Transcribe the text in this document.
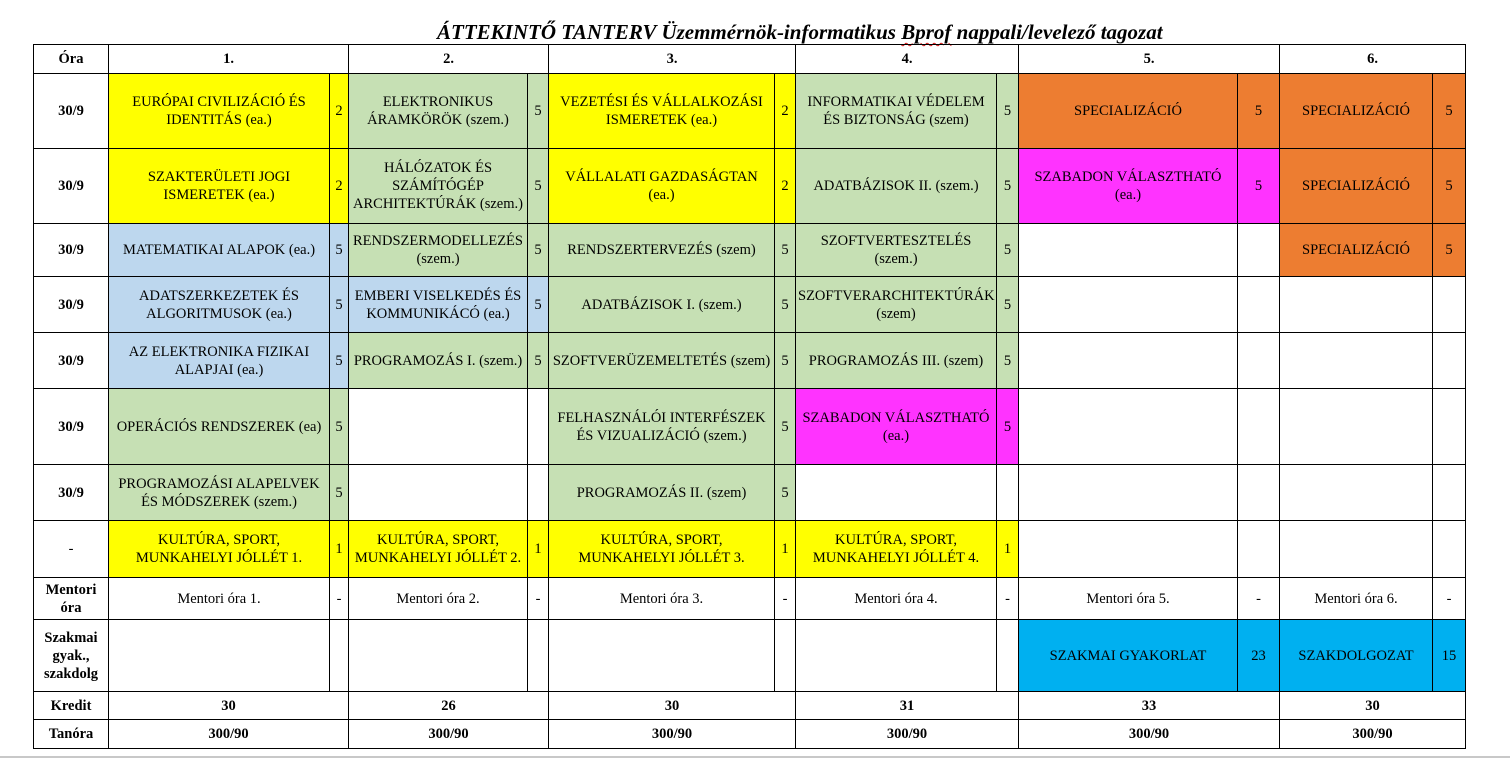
ÁTTEKINTŐ TANTERV Üzemmérnök-informatikus Bprof nappali/levelező tagozat
Óra	1.		2.		3.		4.		5.		6.	
30/9	EURÓPAI CIVILIZÁCIÓ ÉS IDENTITÁS (ea.)	2	ELEKTRONIKUS ÁRAMKÖRÖK (szem.)	5	VEZETÉSI ÉS VÁLLALKOZÁSI ISMERETEK (ea.)	2	INFORMATIKAI VÉDELEM ÉS BIZTONSÁG (szem)	5	SPECIALIZÁCIÓ	5	SPECIALIZÁCIÓ	5
30/9	SZAKTERÜLETI JOGI ISMERETEK (ea.)	2	HÁLÓZATOK ÉS SZÁMÍTÓGÉP ARCHITEKTÚRÁK (szem.)	5	VÁLLALATI GAZDASÁGTAN (ea.)	2	ADATBÁZISOK II. (szem.)	5	SZABADON VÁLASZTHATÓ (ea.)	5	SPECIALIZÁCIÓ	5
30/9	MATEMATIKAI ALAPOK (ea.)	5	RENDSZERMODELLEZÉS (szem.)	5	RENDSZERTERVEZÉS (szem)	5	SZOFTVERTESZTELÉS (szem.)	5			SPECIALIZÁCIÓ	5
30/9	ADATSZERKEZETEK ÉS ALGORITMUSOK (ea.)	5	EMBERI VISELKEDÉS ÉS KOMMUNIKÁCÓ (ea.)	5	ADATBÁZISOK I. (szem.)	5	SZOFTVERARCHITEKTÚRÁK (szem)	5				
30/9	AZ ELEKTRONIKA FIZIKAI ALAPJAI (ea.)	5	PROGRAMOZÁS I. (szem.)	5	SZOFTVERÜZEMELTETÉS (szem)	5	PROGRAMOZÁS III. (szem)	5				
30/9	OPERÁCIÓS RENDSZEREK (ea)	5			FELHASZNÁLÓI INTERFÉSZEK ÉS VIZUALIZÁCIÓ (szem.)	5	SZABADON VÁLASZTHATÓ (ea.)	5				
30/9	PROGRAMOZÁSI ALAPELVEK ÉS MÓDSZEREK (szem.)	5			PROGRAMOZÁS II. (szem)	5						
-	KULTÚRA, SPORT, MUNKAHELYI JÓLLÉT 1.	1	KULTÚRA, SPORT, MUNKAHELYI JÓLLÉT 2.	1	KULTÚRA, SPORT, MUNKAHELYI JÓLLÉT 3.	1	KULTÚRA, SPORT, MUNKAHELYI JÓLLÉT 4.	1				
Mentori óra	Mentori óra 1.	-	Mentori óra 2.	-	Mentori óra 3.	-	Mentori óra 4.	-	Mentori óra 5.	-	Mentori óra 6.	-
Szakmai gyak., szakdolg									SZAKMAI GYAKORLAT	23	SZAKDOLGOZAT	15
Kredit	30		26		30		31		33		30	
Tanóra	300/90		300/90		300/90		300/90		300/90		300/90	
